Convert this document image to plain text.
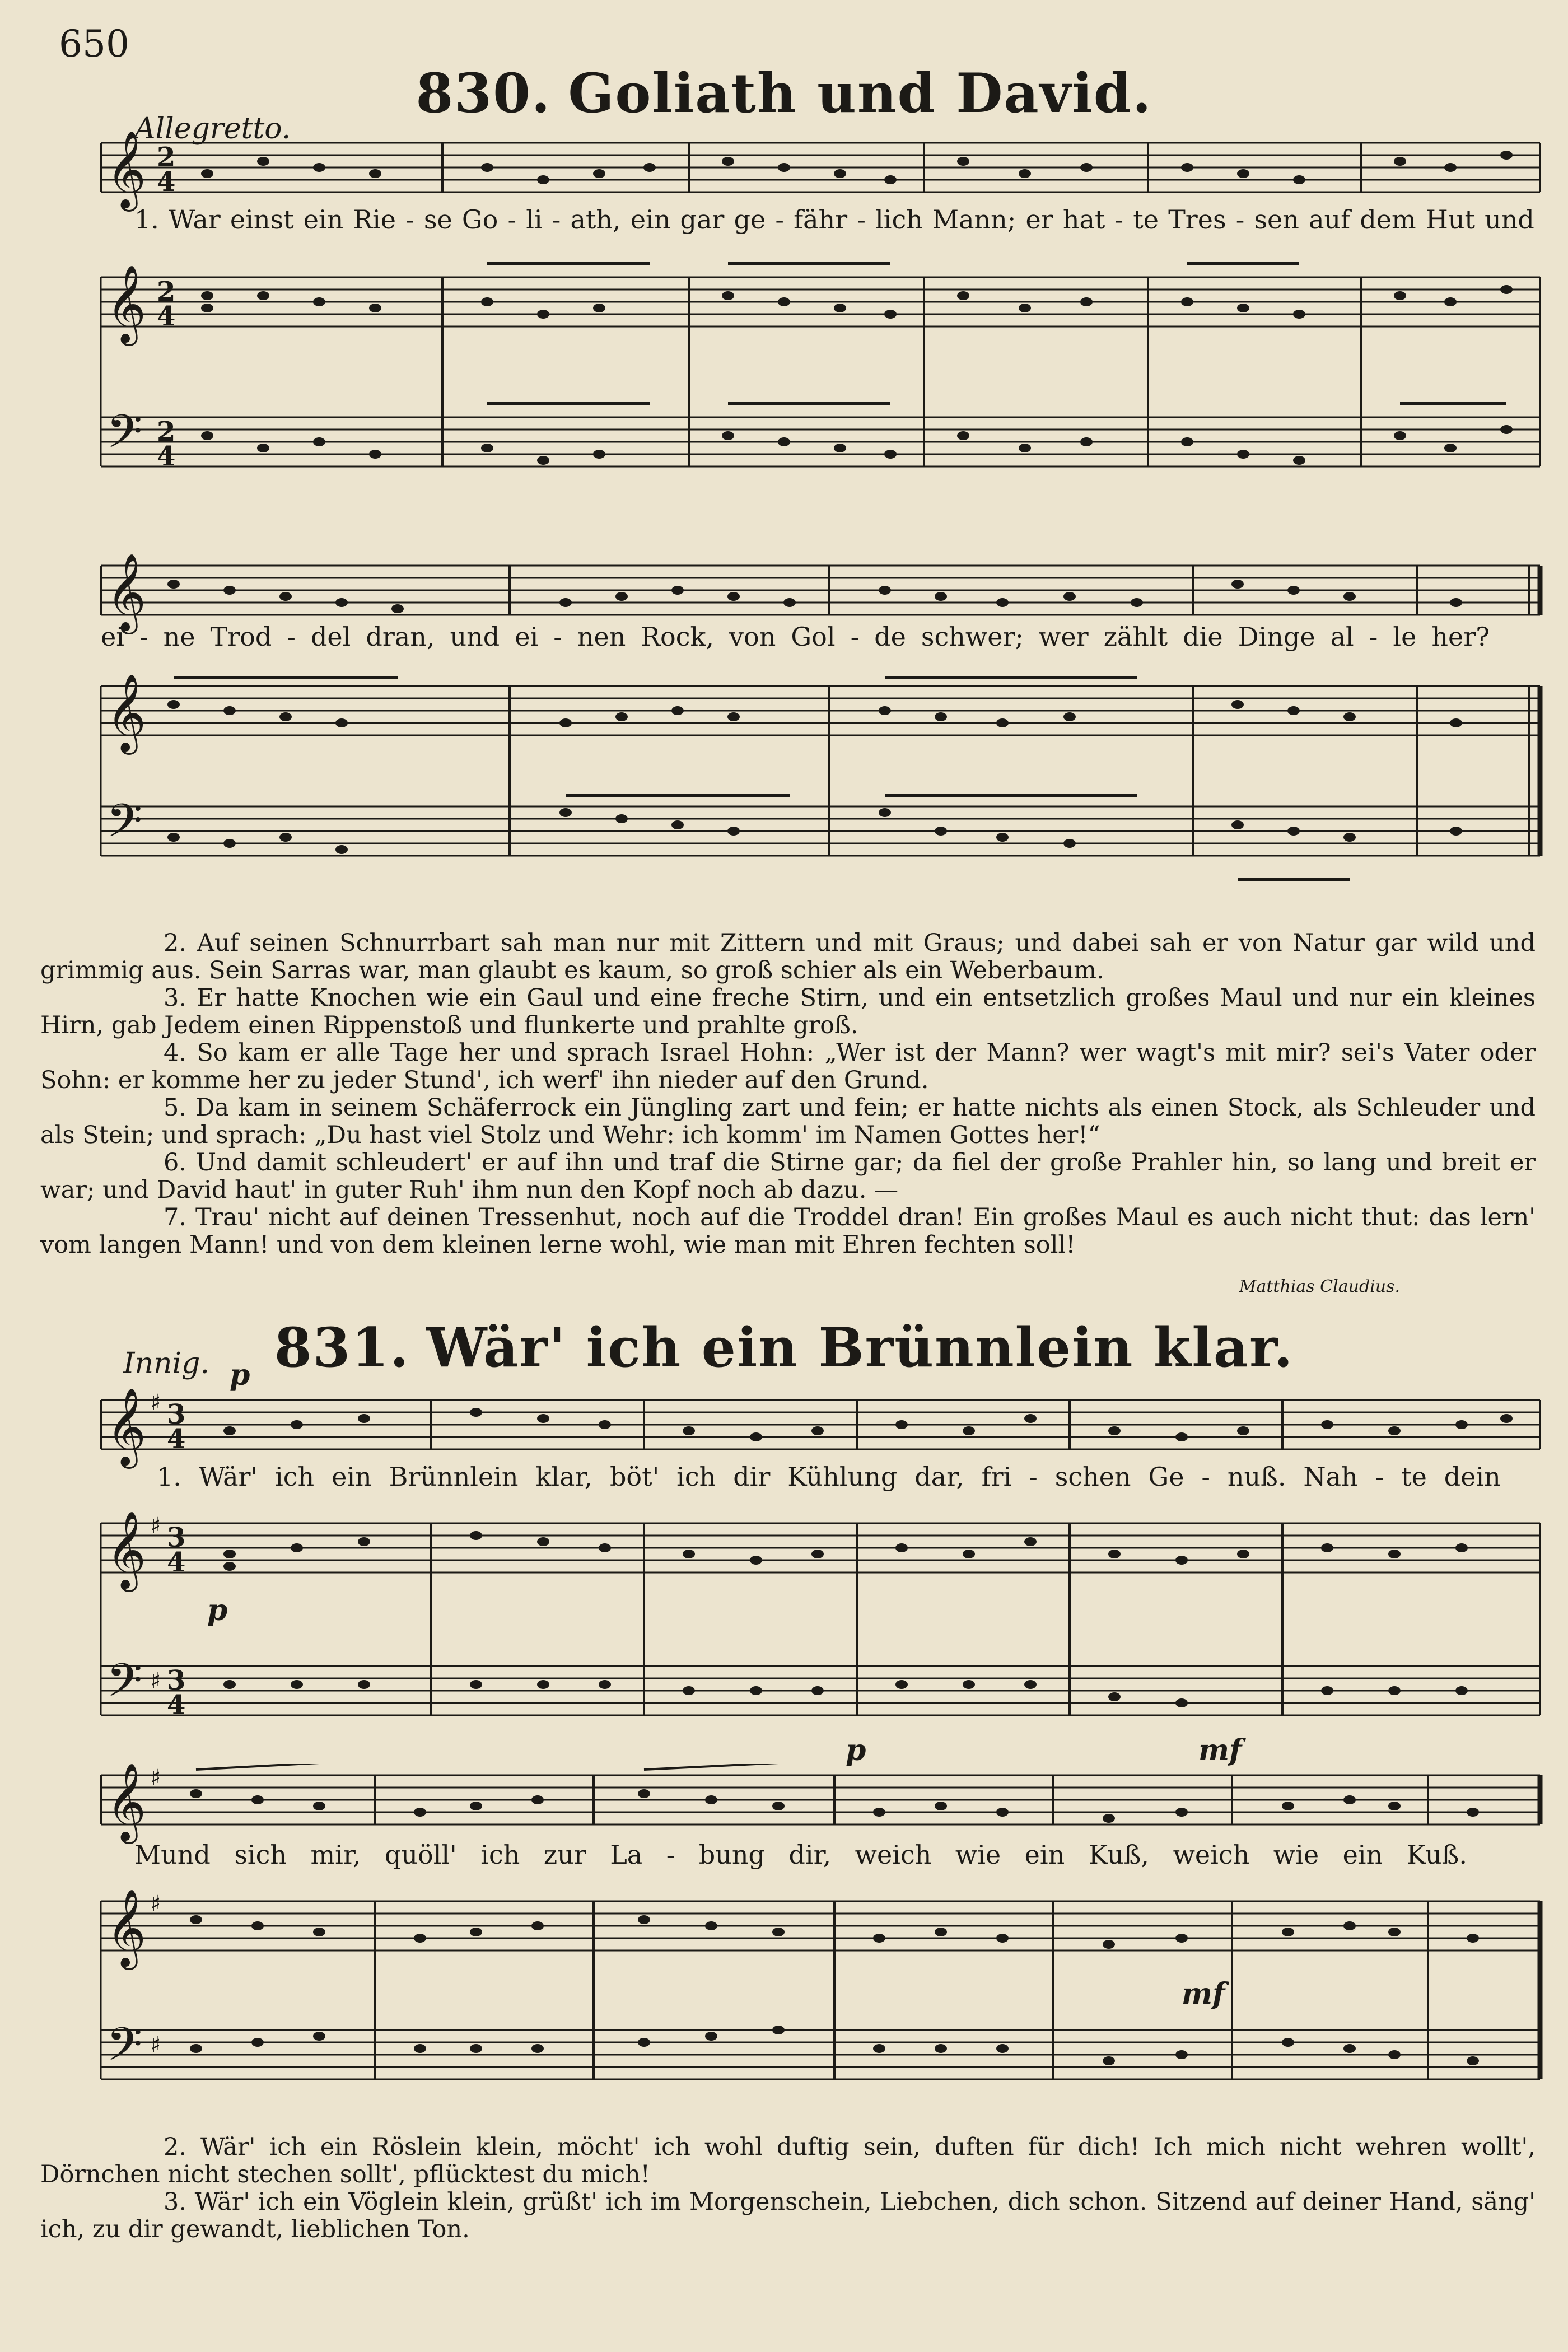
650
830. Goliath und David.
Allegretto.
𝄞
𝄞
𝄢
2
4
2
4
2
4
1. War einst ein Rie - se Go - li - ath, ein gar ge - fähr - lich Mann; er hat - te Tres - sen auf dem Hut und
𝄞
𝄞
𝄢
ei - ne Trod - del dran, und ei - nen Rock, von Gol - de schwer; wer zählt die Dinge al - le her?

2. Auf seinen Schnurrbart sah man nur mit Zittern und mit Graus; und dabei sah er von Natur gar wild und grimmig aus. Sein Sarras war, man glaubt es kaum, so groß schier als ein Weberbaum.

3. Er hatte Knochen wie ein Gaul und eine freche Stirn, und ein entsetzlich großes Maul und nur ein kleines Hirn, gab Jedem einen Rippenstoß und flunkerte und prahlte groß.

4. So kam er alle Tage her und sprach Israel Hohn: „Wer ist der Mann? wer wagt's mit mir? sei's Vater oder Sohn: er komme her zu jeder Stund', ich werf' ihn nieder auf den Grund.

5. Da kam in seinem Schäferrock ein Jüngling zart und fein; er hatte nichts als einen Stock, als Schleuder und als Stein; und sprach: „Du hast viel Stolz und Wehr: ich komm' im Namen Gottes her!“

6. Und damit schleudert' er auf ihn und traf die Stirne gar; da fiel der große Prahler hin, so lang und breit er war; und David haut' in guter Ruh' ihm nun den Kopf noch ab dazu. —

7. Trau' nicht auf deinen Tressenhut, noch auf die Troddel dran! Ein großes Maul es auch nicht thut: das lern' vom langen Mann! und von dem kleinen lerne wohl, wie man mit Ehren fechten soll!

Matthias Claudius.
831. Wär' ich ein Brünnlein klar.
Innig. p
p
𝄞
𝄞
𝄢
♯
♯
♯
3
4
3
4
3
4
1. Wär' ich ein Brünnlein klar, böt' ich dir Kühlung dar, fri - schen Ge - nuß. Nah - te dein
p	mf
mf
𝄞
𝄞
𝄢
♯
♯
♯
Mund sich mir, quöll' ich zur La - bung dir, weich wie ein Kuß, weich wie ein Kuß.

2. Wär' ich ein Röslein klein, möcht' ich wohl duftig sein, duften für dich! Ich mich nicht wehren wollt', Dörnchen nicht stechen sollt', pflücktest du mich!

3. Wär' ich ein Vöglein klein, grüßt' ich im Morgenschein, Liebchen, dich schon. Sitzend auf deiner Hand, säng' ich, zu dir gewandt, lieblichen Ton.
